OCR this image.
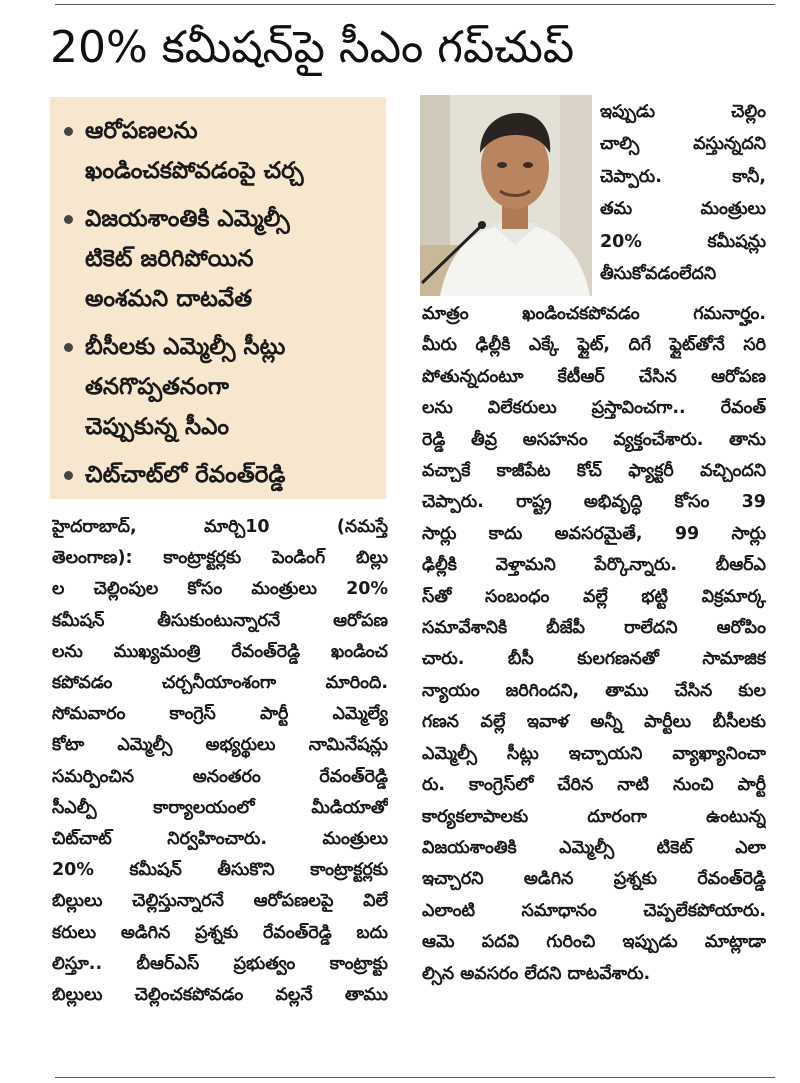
20% కమీషన్‌పై సీఎం గప్‌చుప్
ఆరోపణలను
ఖండించకపోవడంపై చర్చ
విజయశాంతికి ఎమ్మెల్సీ
టికెట్ జరిగిపోయిన
అంశమని దాటవేత
బీసీలకు ఎమ్మెల్సీ సీట్లు
తనగొప్పతనంగా
చెప్పుకున్న సీఎం
చిట్‌చాట్‌లో రేవంత్‌రెడ్డి
హైదరాబాద్, మార్చి10 (నమస్తే
తెలంగాణ): కాంట్రాక్టర్లకు పెండింగ్ బిల్లు
ల చెల్లింపుల కోసం మంత్రులు 20%
కమీషన్ తీసుకుంటున్నారనే ఆరోపణ
లను ముఖ్యమంత్రి రేవంత్‌రెడ్డి ఖండించ
కపోవడం చర్చనీయాంశంగా మారింది.
సోమవారం కాంగ్రెస్ పార్టీ ఎమ్మెల్యే
కోటా ఎమ్మెల్సీ అభ్యర్థులు నామినేషన్లు
సమర్పించిన అనంతరం రేవంత్‌రెడ్డి
సీఎల్పీ కార్యాలయంలో మీడియాతో
చిట్‌చాట్ నిర్వహించారు. మంత్రులు
20% కమీషన్ తీసుకొని కాంట్రాక్టర్లకు
బిల్లులు చెల్లిస్తున్నారనే ఆరోపణలపై విలే
కరులు అడిగిన ప్రశ్నకు రేవంత్‌రెడ్డి బదు
లిస్తూ.. బీఆర్ఎస్ ప్రభుత్వం కాంట్రాక్టు
బిల్లులు చెల్లించకపోవడం వల్లనే తాము
ఇప్పుడు చెల్లిం
చాల్సి వస్తున్నదని
చెప్పారు. కానీ,
తమ మంత్రులు
20% కమీషన్లు
తీసుకోవడంలేదని
మాత్రం ఖండించకపోవడం గమనార్హం.
మీరు ఢిల్లీకి ఎక్కే ఫ్లైట్, దిగే ఫ్లైట్‌తోనే సరి
పోతున్నదంటూ కేటీఆర్ చేసిన ఆరోపణ
లను విలేకరులు ప్రస్తావించగా.. రేవంత్
రెడ్డి తీవ్ర అసహనం వ్యక్తంచేశారు. తాను
వచ్చాకే కాజీపేట కోచ్ ఫ్యాక్టరీ వచ్చిందని
చెప్పారు. రాష్ట్ర అభివృద్ధి కోసం 39
సార్లు కాదు అవసరమైతే, 99 సార్లు
ఢిల్లీకి వెళ్తామని పేర్కొన్నారు. బీఆర్ఎ
స్‌తో సంబంధం వల్లే భట్టి విక్రమార్క
సమావేశానికి బీజేపీ రాలేదని ఆరోపిం
చారు. బీసీ కులగణనతో సామాజిక
న్యాయం జరిగిందని, తాము చేసిన కుల
గణన వల్లే ఇవాళ అన్నీ పార్టీలు బీసీలకు
ఎమ్మెల్సీ సీట్లు ఇచ్చాయని వ్యాఖ్యానించా
రు. కాంగ్రెస్‌లో చేరిన నాటి నుంచి పార్టీ
కార్యకలాపాలకు దూరంగా ఉంటున్న
విజయశాంతికి ఎమ్మెల్సీ టికెట్ ఎలా
ఇచ్చారని అడిగిన ప్రశ్నకు రేవంత్‌రెడ్డి
ఎలాంటి సమాధానం చెప్పలేకపోయారు.
ఆమె పదవి గురించి ఇప్పుడు మాట్లాడా
ల్సిన అవసరం లేదని దాటవేశారు.
